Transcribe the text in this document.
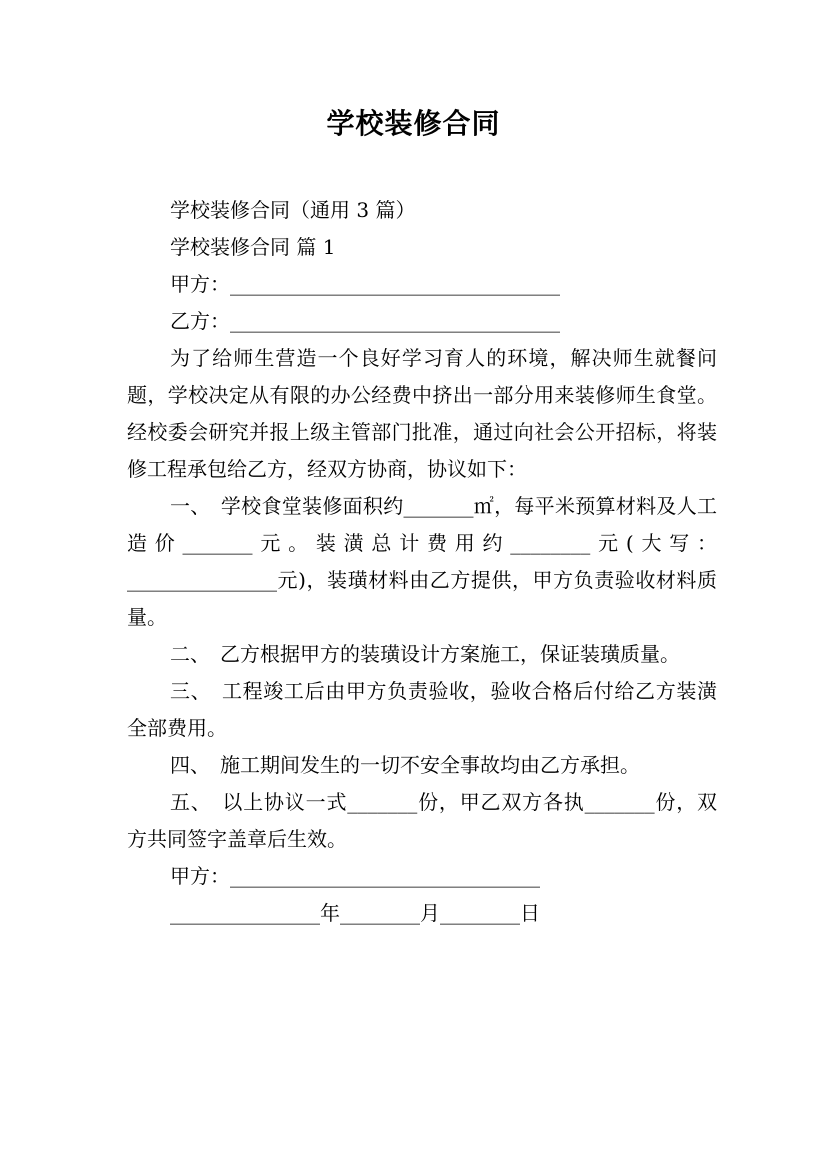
学校装修合同
学校装修合同（通用 3 篇）
学校装修合同 篇 1
甲方：_________________________________
乙方：_________________________________
为了给师生营造一个良好学习育人的环境，解决师生就餐问题，学校决定从有限的办公经费中挤出一部分用来装修师生食堂。经校委会研究并报上级主管部门批准，通过向社会公开招标，将装修工程承包给乙方，经双方协商，协议如下：
一、　学校食堂装修面积约_______㎡，每平米预算材料及人工造价_______元。装潢总计费用约________元(大写：_______________元)，装璜材料由乙方提供，甲方负责验收材料质量。
二、　乙方根据甲方的装璜设计方案施工，保证装璜质量。
三、　工程竣工后由甲方负责验收，验收合格后付给乙方装潢全部费用。
四、　施工期间发生的一切不安全事故均由乙方承担。
五、　以上协议一式_______份，甲乙双方各执_______份，双方共同签字盖章后生效。
甲方：_______________________________
_______________年________月________日
